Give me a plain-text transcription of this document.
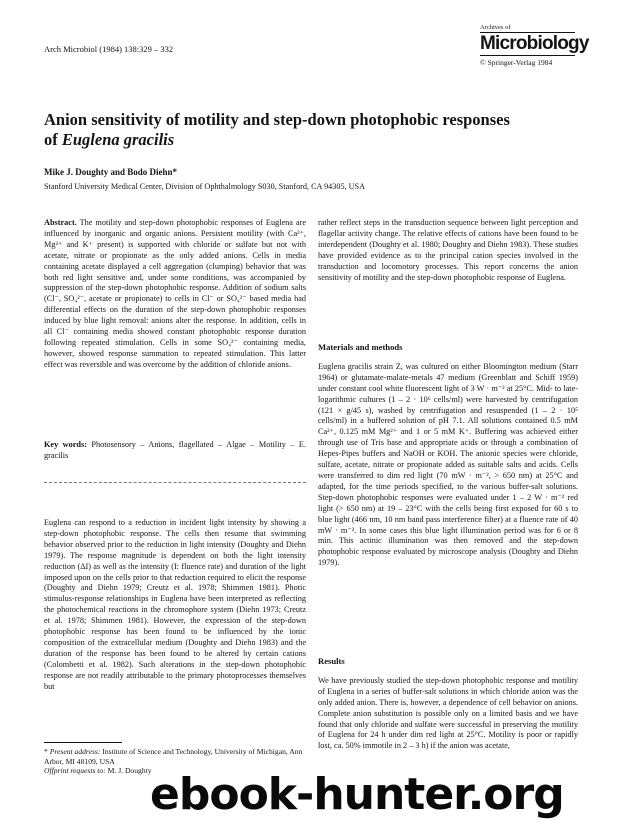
Arch Microbiol (1984) 138:329 – 332
Archives of
Microbiology
© Springer-Verlag 1984
Anion sensitivity of motility and step-down photophobic responses
of Euglena gracilis
Mike J. Doughty and Bodo Diehn*
Stanford University Medical Center, Division of Ophthalmology S030, Stanford, CA 94305, USA

Abstract. The motility and step-down photophobic responses of Euglena are influenced by inorganic and organic anions. Persistent motility (with Ca²⁺, Mg²⁺ and K⁺ present) is supported with chloride or sulfate but not with acetate, nitrate or propionate as the only added anions. Cells in media containing acetate displayed a cell aggregation (clumping) behavior that was both red light sensitive and, under some conditions, was accompanied by suppression of the step-down photophobic response. Addition of sodium salts (Cl⁻, SO₄²⁻, acetate or propionate) to cells in Cl⁻ or SO₄²⁻ based media had differential effects on the duration of the step-down photophobic responses induced by blue light removal: anions alter the response. In addition, cells in all Cl⁻ containing media showed constant photophobic response duration following repeated stimulation. Cells in some SO₄²⁻ containing media, however, showed response summation to repeated stimulation. This latter effect was reversible and was overcome by the addition of chloride anions.

Key words: Photosensory – Anions, flagellated – Algae – Motility – E. gracilis

Euglena can respond to a reduction in incident light intensity by showing a step-down photophobic response. The cells then resume that swimming behavior observed prior to the reduction in light intensity (Doughty and Diehn 1979). The response magnitude is dependent on both the light intensity reduction (ΔI) as well as the intensity (I: fluence rate) and duration of the light imposed upon on the cells prior to that reduction required to elicit the response (Doughty and Diehn 1979; Creutz et al. 1978; Shimmen 1981). Photic stimulus-response relationships in Euglena have been interpreted as reflecting the photochemical reactions in the chromophore system (Diehn 1973; Creutz et al. 1978; Shimmen 1981). However, the expression of the step-down photophobic response has been found to be influenced by the ionic composition of the extracellular medium (Doughty and Diehn 1983) and the duration of the response has been found to be altered by certain cations (Colombetti et al. 1982). Such alterations in the step-down photophobic response are not readily attributable to the primary photoprocesses themselves but

* Present address: Institute of Science and Technology, University of Michigan, Ann Arbor, MI 48109, USA
Offprint requests to: M. J. Doughty

rather reflect steps in the transduction sequence between light perception and flagellar activity change. The relative effects of cations have been found to be interdependent (Doughty et al. 1980; Doughty and Diehn 1983). These studies have provided evidence as to the principal cation species involved in the transduction and locomotory processes. This report concerns the anion sensitivity of motility and the step-down photophobic response of Euglena.

Materials and methods

Euglena gracilis strain Z, was cultured on either Bloomington medium (Starr 1964) or glutamate-malate-metals 47 medium (Greenblatt and Schiff 1959) under constant cool white fluorescent light of 3 W · m⁻² at 25°C. Mid- to late-logarithmic cultures (1 – 2 · 10⁶ cells/ml) were harvested by centrifugation (121 × g/45 s), washed by centrifugation and resuspended (1 – 2 · 10⁵ cells/ml) in a buffered solution of pH 7.1. All solutions contained 0.5 mM Ca²⁺, 0.125 mM Mg²⁺ and 1 or 5 mM K⁺. Buffering was achieved either through use of Tris base and appropriate acids or through a combination of Hepes-Pipes buffers and NaOH or KOH. The anionic species were chloride, sulfate, acetate, nitrate or propionate added as suitable salts and acids. Cells were transferred to dim red light (70 mW · m⁻², > 650 nm) at 25°C and adapted, for the time periods specified, to the various buffer-salt solutions. Step-down photophobic responses were evaluated under 1 – 2 W · m⁻² red light (> 650 nm) at 19 – 23°C with the cells being first exposed for 60 s to blue light (466 nm, 10 nm band pass interference filter) at a fluence rate of 40 mW · m⁻². In some cases this blue light illumination period was for 6 or 8 min. This actinic illumination was then removed and the step-down photophobic response evaluated by microscope analysis (Doughty and Diehn 1979).

Results

We have previously studied the step-down photophobic response and motility of Euglena in a series of buffer-salt solutions in which chloride anion was the only added anion. There is, however, a dependence of cell behavior on anions. Complete anion substitution is possible only on a limited basis and we have found that only chloride and sulfate were successful in preserving the motility of Euglena for 24 h under dim red light at 25°C. Motility is poor or rapidly lost, ca. 50% immotile in 2 – 3 h) if the anion was acetate,

ebook-hunter.org
